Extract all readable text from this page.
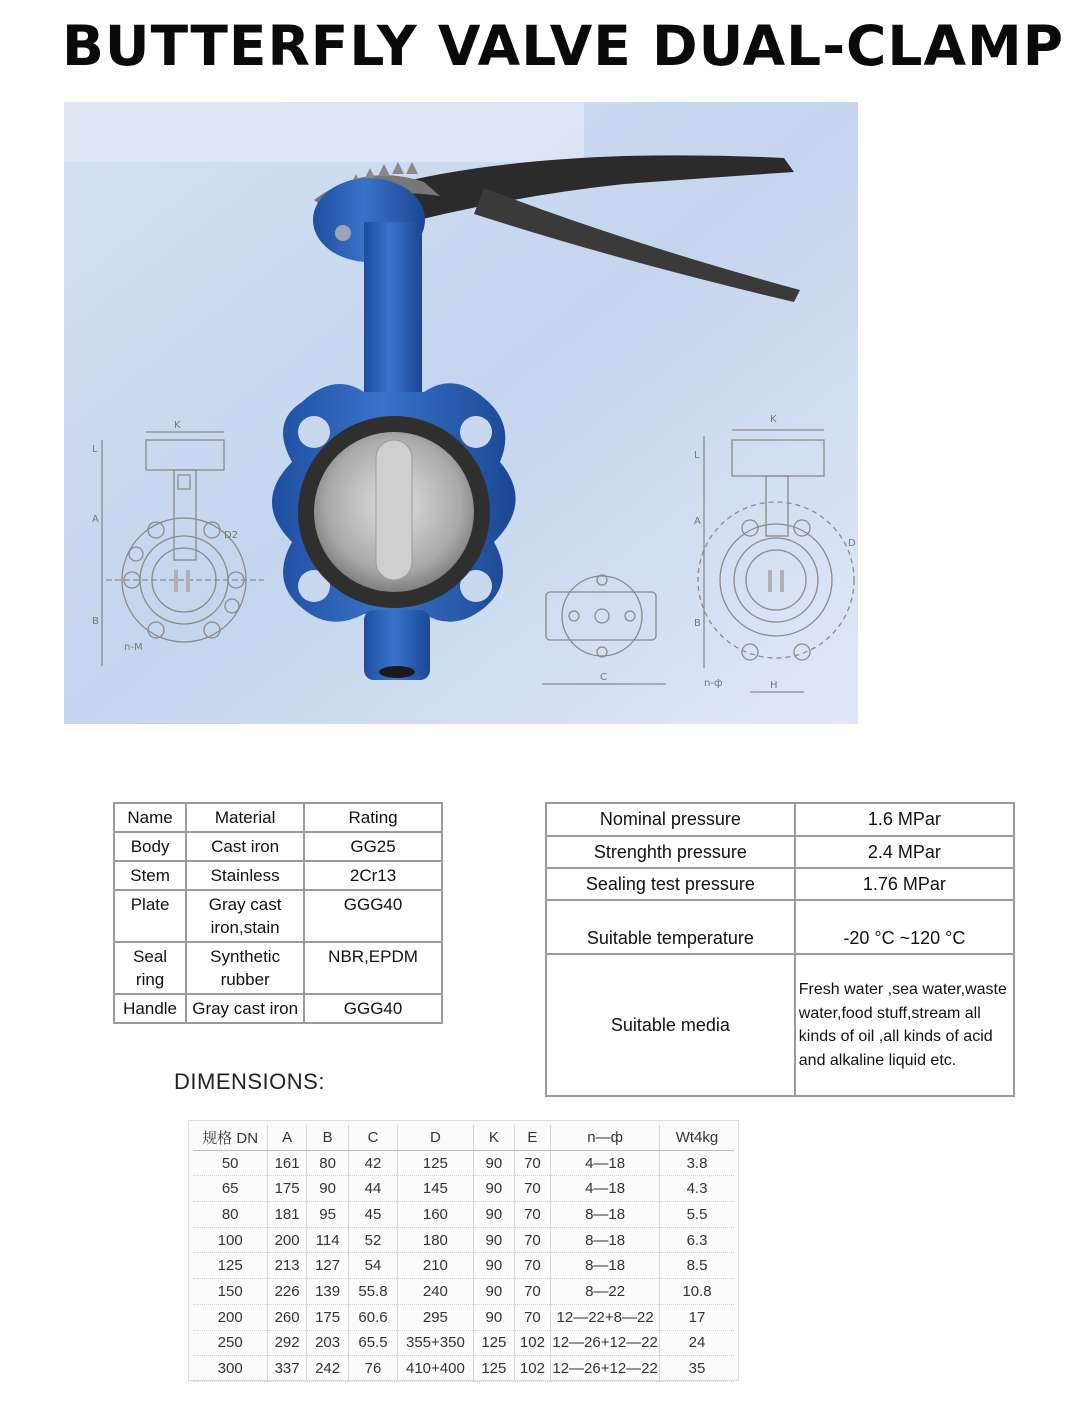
BUTTERFLY VALVE DUAL-CLAMP
K
L
A
D2
B
n-M
C
K
L
A
D
B
n-ф	H
Name	Material	Rating
Body	Cast iron	GG25
Stem	Stainless	2Cr13
Plate	Gray cast iron,stain	GGG40
Seal ring	Synthetic rubber	NBR,EPDM
Handle	Gray cast iron	GGG40
Nominal pressure	1.6 MPar
Strenghth pressure	2.4 MPar
Sealing test pressure	1.76 MPar
Suitable temperature	-20 °C ~120 °C
Suitable media	Fresh water ,sea water,waste water,food stuff,stream all kinds of oil ,all kinds of acid and alkaline liquid etc.
DIMENSIONS:
规格 DN	A	B	C	D	K	E	n—ф	Wt4kg
50	161	80	42	125	90	70	4—18	3.8
65	175	90	44	145	90	70	4—18	4.3
80	181	95	45	160	90	70	8—18	5.5
100	200	114	52	180	90	70	8—18	6.3
125	213	127	54	210	90	70	8—18	8.5
150	226	139	55.8	240	90	70	8—22	10.8
200	260	175	60.6	295	90	70	12—22+8—22	17
250	292	203	65.5	355+350	125	102	12—26+12—22	24
300	337	242	76	410+400	125	102	12—26+12—22	35
